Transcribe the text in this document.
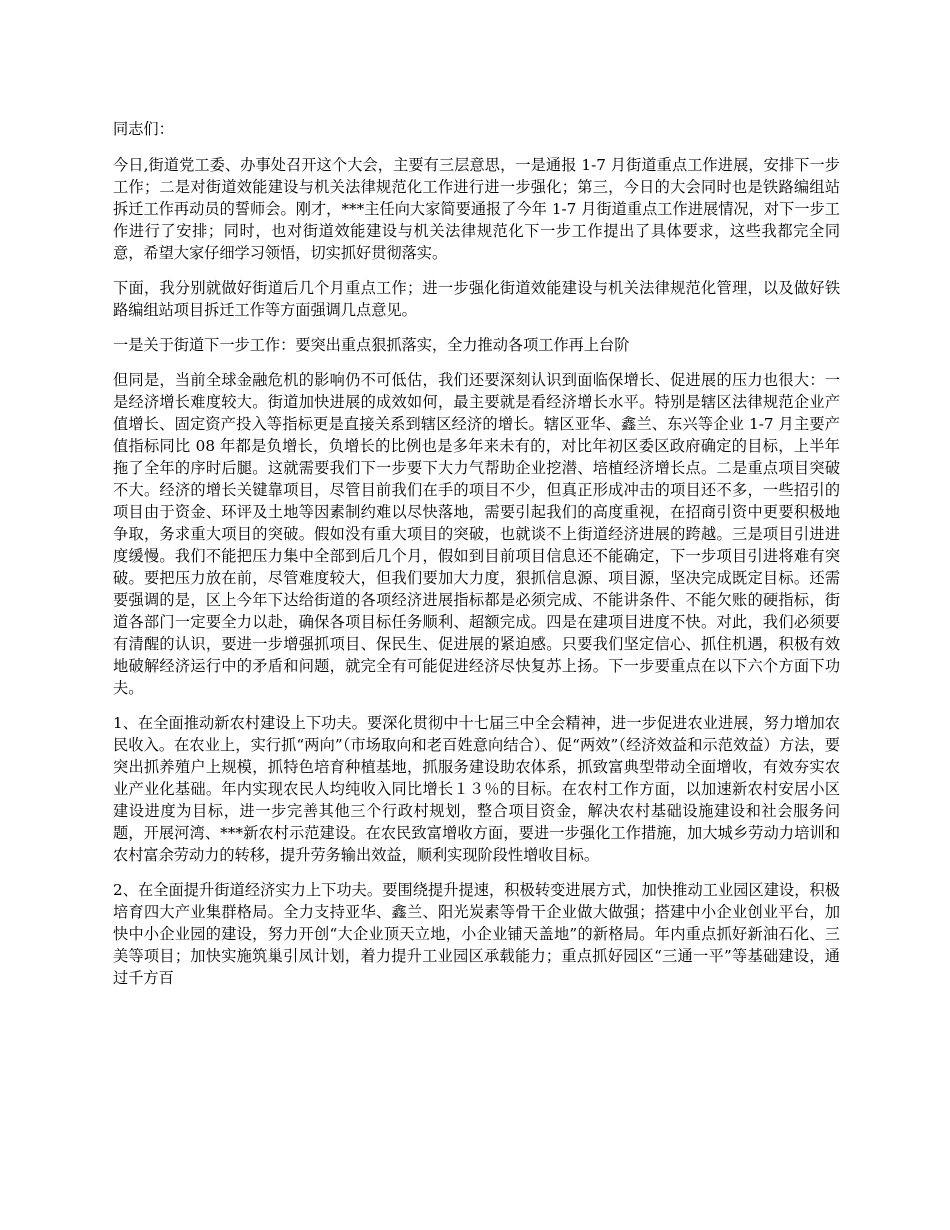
同志们：

今日,街道党工委、办事处召开这个大会，主要有三层意思，一是通报 1-7 月街道重点工作进展，安排下一步工作；二是对街道效能建设与机关法律规范化工作进行进一步强化；第三，今日的大会同时也是铁路编组站拆迁工作再动员的誓师会。刚才，***主任向大家简要通报了今年 1-7 月街道重点工作进展情况，对下一步工作进行了安排；同时，也对街道效能建设与机关法律规范化下一步工作提出了具体要求，这些我都完全同意，希望大家仔细学习领悟，切实抓好贯彻落实。

下面，我分别就做好街道后几个月重点工作；进一步强化街道效能建设与机关法律规范化管理，以及做好铁路编组站项目拆迁工作等方面强调几点意见。

一是关于街道下一步工作：要突出重点狠抓落实，全力推动各项工作再上台阶

但同是，当前全球金融危机的影响仍不可低估，我们还要深刻认识到面临保增长、促进展的压力也很大：一是经济增长难度较大。街道加快进展的成效如何，最主要就是看经济增长水平。特别是辖区法律规范企业产值增长、固定资产投入等指标更是直接关系到辖区经济的增长。辖区亚华、鑫兰、东兴等企业 1-7 月主要产值指标同比 08 年都是负增长，负增长的比例也是多年来未有的，对比年初区委区政府确定的目标，上半年拖了全年的序时后腿。这就需要我们下一步要下大力气帮助企业挖潜、培植经济增长点。二是重点项目突破不大。经济的增长关键靠项目，尽管目前我们在手的项目不少，但真正形成冲击的项目还不多，一些招引的项目由于资金、环评及土地等因素制约难以尽快落地，需要引起我们的高度重视，在招商引资中更要积极地争取，务求重大项目的突破。假如没有重大项目的突破，也就谈不上街道经济进展的跨越。三是项目引进进度缓慢。我们不能把压力集中全部到后几个月，假如到目前项目信息还不能确定，下一步项目引进将难有突破。要把压力放在前，尽管难度较大，但我们要加大力度，狠抓信息源、项目源，坚决完成既定目标。还需要强调的是，区上今年下达给街道的各项经济进展指标都是必须完成、不能讲条件、不能欠账的硬指标，街道各部门一定要全力以赴，确保各项目标任务顺利、超额完成。四是在建项目进度不快。对此，我们必须要有清醒的认识，要进一步增强抓项目、保民生、促进展的紧迫感。只要我们坚定信心、抓住机遇，积极有效地破解经济运行中的矛盾和问题，就完全有可能促进经济尽快复苏上扬。下一步要重点在以下六个方面下功夫。

1、在全面推动新农村建设上下功夫。要深化贯彻中十七届三中全会精神，进一步促进农业进展，努力增加农民收入。在农业上，实行抓“两向”（市场取向和老百姓意向结合）、促“两效”（经济效益和示范效益）方法，要突出抓养殖户上规模，抓特色培育种植基地，抓服务建设助农体系，抓致富典型带动全面增收，有效夯实农业产业化基础。年内实现农民人均纯收入同比增长１３％的目标。在农村工作方面，以加速新农村安居小区建设进度为目标，进一步完善其他三个行政村规划，整合项目资金，解决农村基础设施建设和社会服务问题，开展河湾、***新农村示范建设。在农民致富增收方面，要进一步强化工作措施，加大城乡劳动力培训和农村富余劳动力的转移，提升劳务输出效益，顺利实现阶段性增收目标。

2、在全面提升街道经济实力上下功夫。要围绕提升提速，积极转变进展方式，加快推动工业园区建设，积极培育四大产业集群格局。全力支持亚华、鑫兰、阳光炭素等骨干企业做大做强；搭建中小企业创业平台，加快中小企业园的建设，努力开创“大企业顶天立地，小企业铺天盖地”的新格局。年内重点抓好新油石化、三美等项目；加快实施筑巢引凤计划，着力提升工业园区承载能力；重点抓好园区“三通一平”等基础建设，通过千方百
